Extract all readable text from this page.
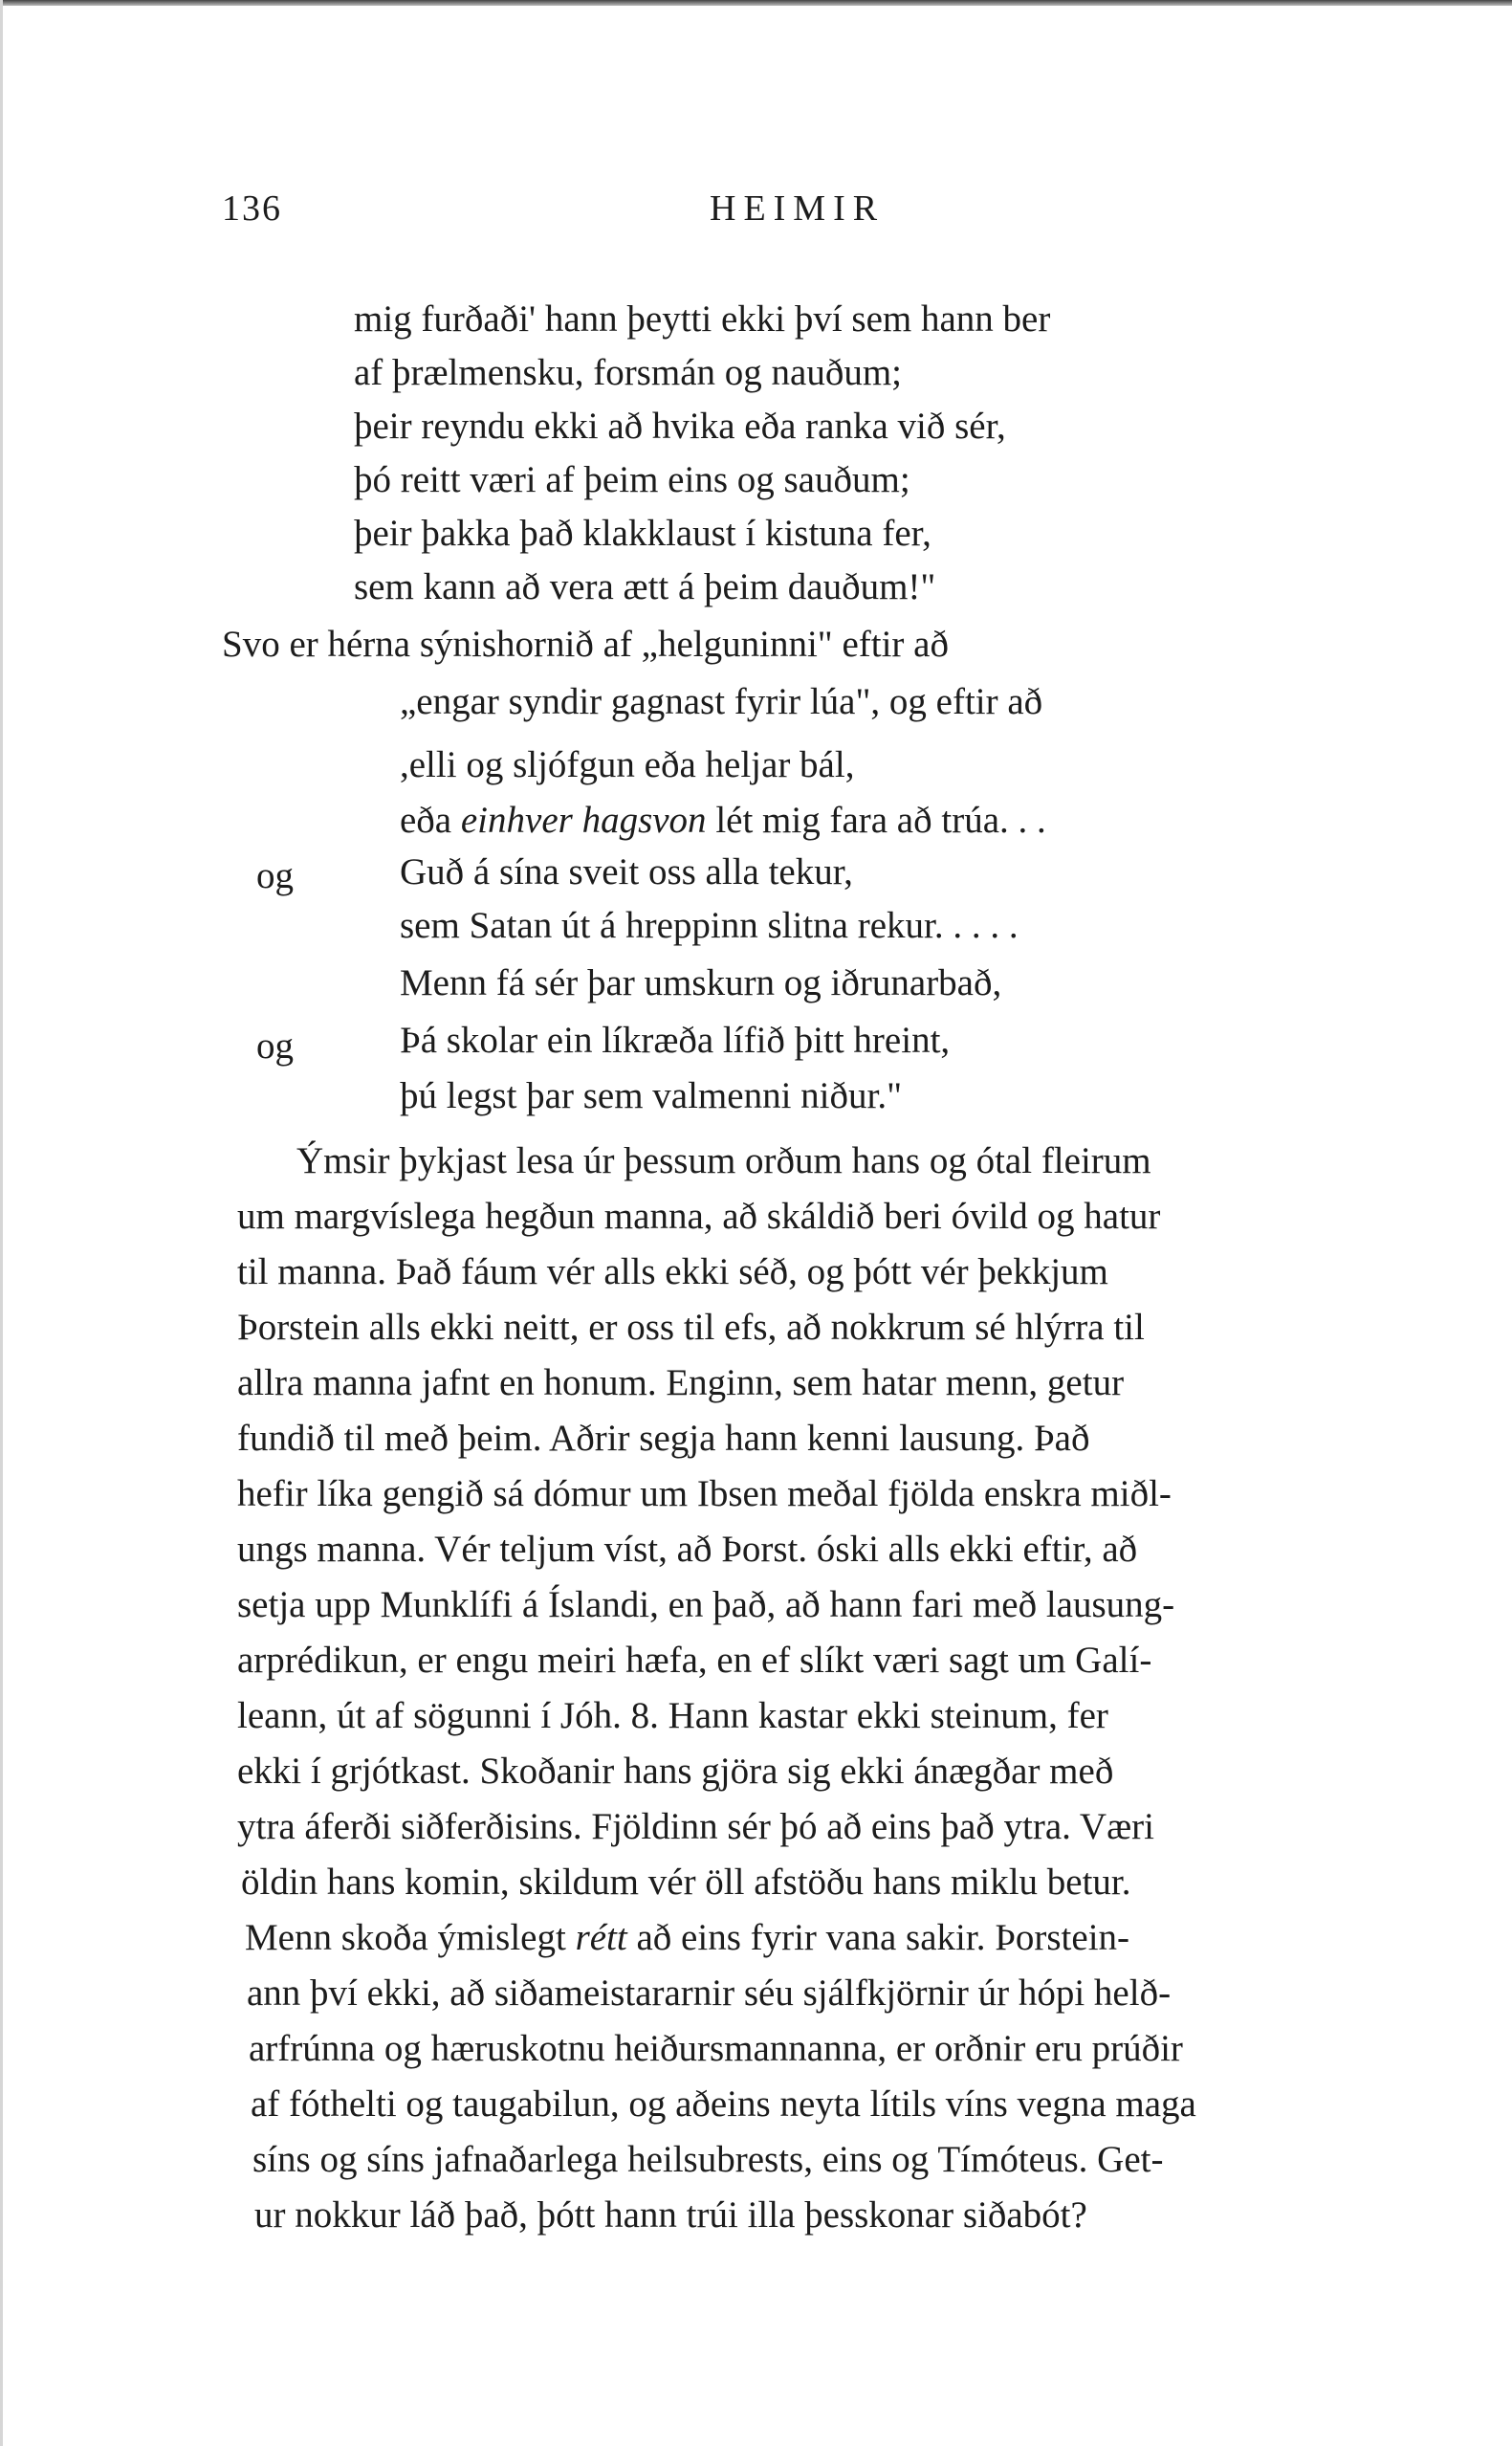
136	HEIMIR
mig furðaði' hann þeytti ekki því sem hann ber
af þrælmensku, forsmán og nauðum;
þeir reyndu ekki að hvika eða ranka við sér,
þó reitt væri af þeim eins og sauðum;
þeir þakka það klakklaust í kistuna fer,
sem kann að vera ætt á þeim dauðum!"
Svo er hérna sýnishornið af „helguninni" eftir að
„engar syndir gagnast fyrir lúa", og eftir að
,elli og sljófgun eða heljar bál,
eða einhver hagsvon lét mig fara að trúa. . .
og	Guð á sína sveit oss alla tekur,
sem Satan út á hreppinn slitna rekur. . . . .
Menn fá sér þar umskurn og iðrunarbað,
og	Þá skolar ein líkræða lífið þitt hreint,
þú legst þar sem valmenni niður."
Ýmsir þykjast lesa úr þessum orðum hans og ótal fleirum
um margvíslega hegðun manna, að skáldið beri óvild og hatur
til manna. Það fáum vér alls ekki séð, og þótt vér þekkjum
Þorstein alls ekki neitt, er oss til efs, að nokkrum sé hlýrra til
allra manna jafnt en honum. Enginn, sem hatar menn, getur
fundið til með þeim. Aðrir segja hann kenni lausung. Það
hefir líka gengið sá dómur um Ibsen meðal fjölda enskra miðl-
ungs manna. Vér teljum víst, að Þorst. óski alls ekki eftir, að
setja upp Munklífi á Íslandi, en það, að hann fari með lausung-
arprédikun, er engu meiri hæfa, en ef slíkt væri sagt um Galí-
leann, út af sögunni í Jóh. 8. Hann kastar ekki steinum, fer
ekki í grjótkast. Skoðanir hans gjöra sig ekki ánægðar með
ytra áferði siðferðisins. Fjöldinn sér þó að eins það ytra. Væri
öldin hans komin, skildum vér öll afstöðu hans miklu betur.
Menn skoða ýmislegt rétt að eins fyrir vana sakir. Þorstein-
ann því ekki, að siðameistararnir séu sjálfkjörnir úr hópi helð-
arfrúnna og hæruskotnu heiðursmannanna, er orðnir eru prúðir
af fóthelti og taugabilun, og aðeins neyta lítils víns vegna maga
síns og síns jafnaðarlega heilsubrests, eins og Tímóteus. Get-
ur nokkur láð það, þótt hann trúi illa þesskonar siðabót?
